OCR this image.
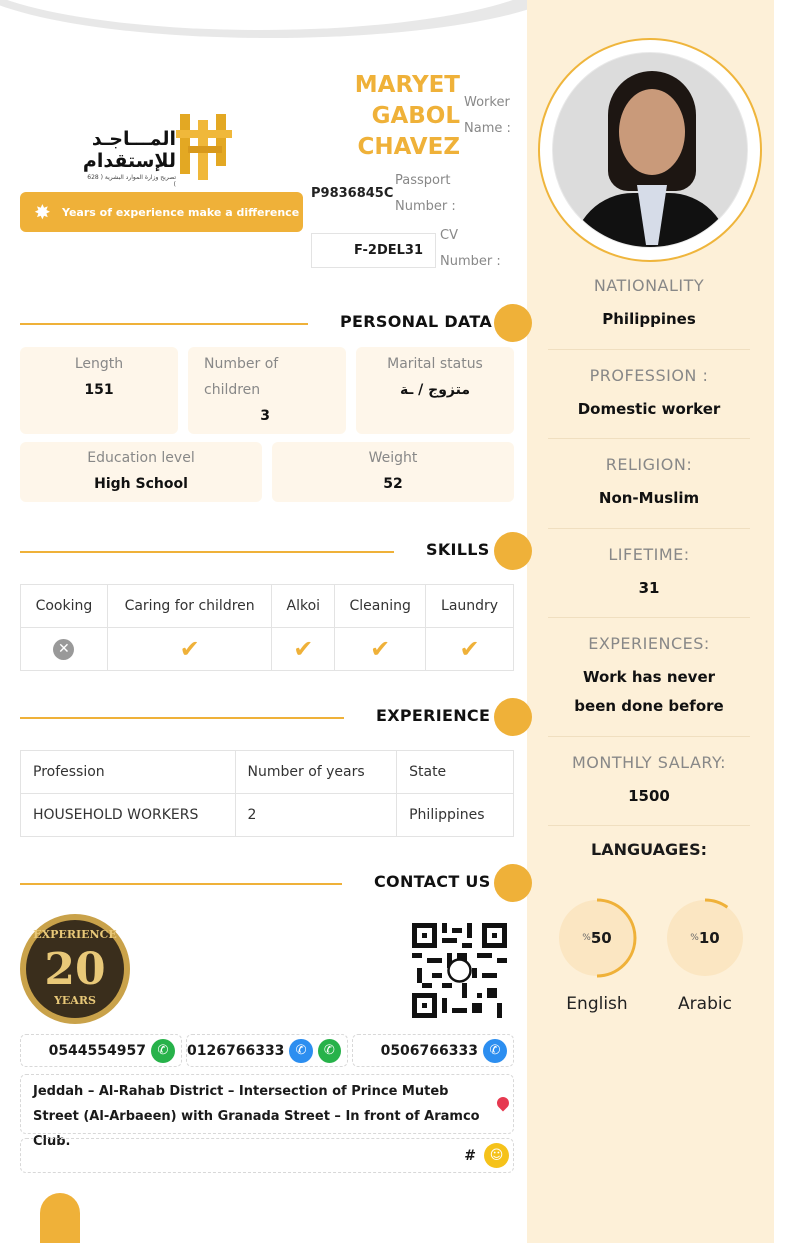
المـــاجـد
للإستقدام
تصريح وزارة الموارد البشرية ( 628 )
✸ Years of experience make a difference
MARYET GABOL CHAVEZ
Worker Name :
P9836845C
Passport Number :
F-2DEL31
CV Number :
PERSONAL DATA
Length
151
Number of children
3
Marital status
متزوج / ـة
Education level
High School
Weight
52
SKILLS
Cooking	Caring for children	Alkoi	Cleaning	Laundry
✕	✔	✔	✔	✔
EXPERIENCE
Profession	Number of years	State
HOUSEHOLD WORKERS	2	Philippines
CONTACT US
EXPERIENCE
20
YEARS
0544554957 ✆	0126766333 ✆	✆	0506766333 ✆
Jeddah – Al-Rahab District – Intersection of Prince Muteb Street (Al-Arbaeen) with Granada Street – In front of Aramco Club.
#	☺
NATIONALITY
Philippines
PROFESSION :
Domestic worker
RELIGION:
Non-Muslim
LIFETIME:
31
EXPERIENCES:
Work has never been done before
MONTHLY SALARY:
1500
LANGUAGES:
% 50
English
% 10
Arabic
